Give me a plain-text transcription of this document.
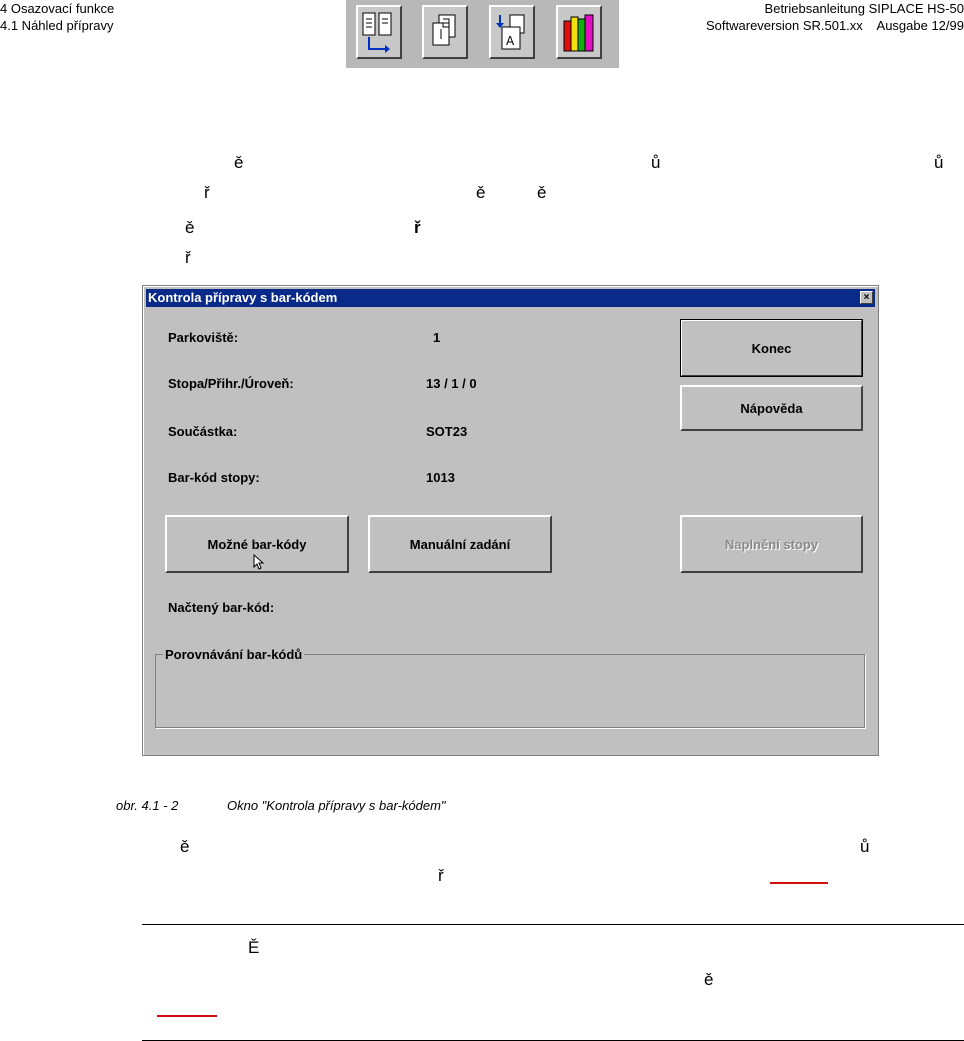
4 Osazovací funkce
4.1 Náhled přípravy
Betriebsanleitung SIPLACE HS-50
Softwareversion SR.501.xx    Ausgabe 12/99
A
ě	ů	ů
ř	ě	ě
ě	ř
ř
Kontrola přípravy s bar-kódem	×
Parkoviště:	1
Stopa/Přihr./Úroveň:	13 / 1 / 0
Součástka:	SOT23
Bar-kód stopy:	1013
Konec
Nápověda
Možné bar-kódy	Manuální zadání	Naplnění stopy
Načtený bar-kód:
Porovnávání bar-kódů
obr. 4.1 - 2	Okno "Kontrola přípravy s bar-kódem"
ě	ů
ř
Ě
ě
